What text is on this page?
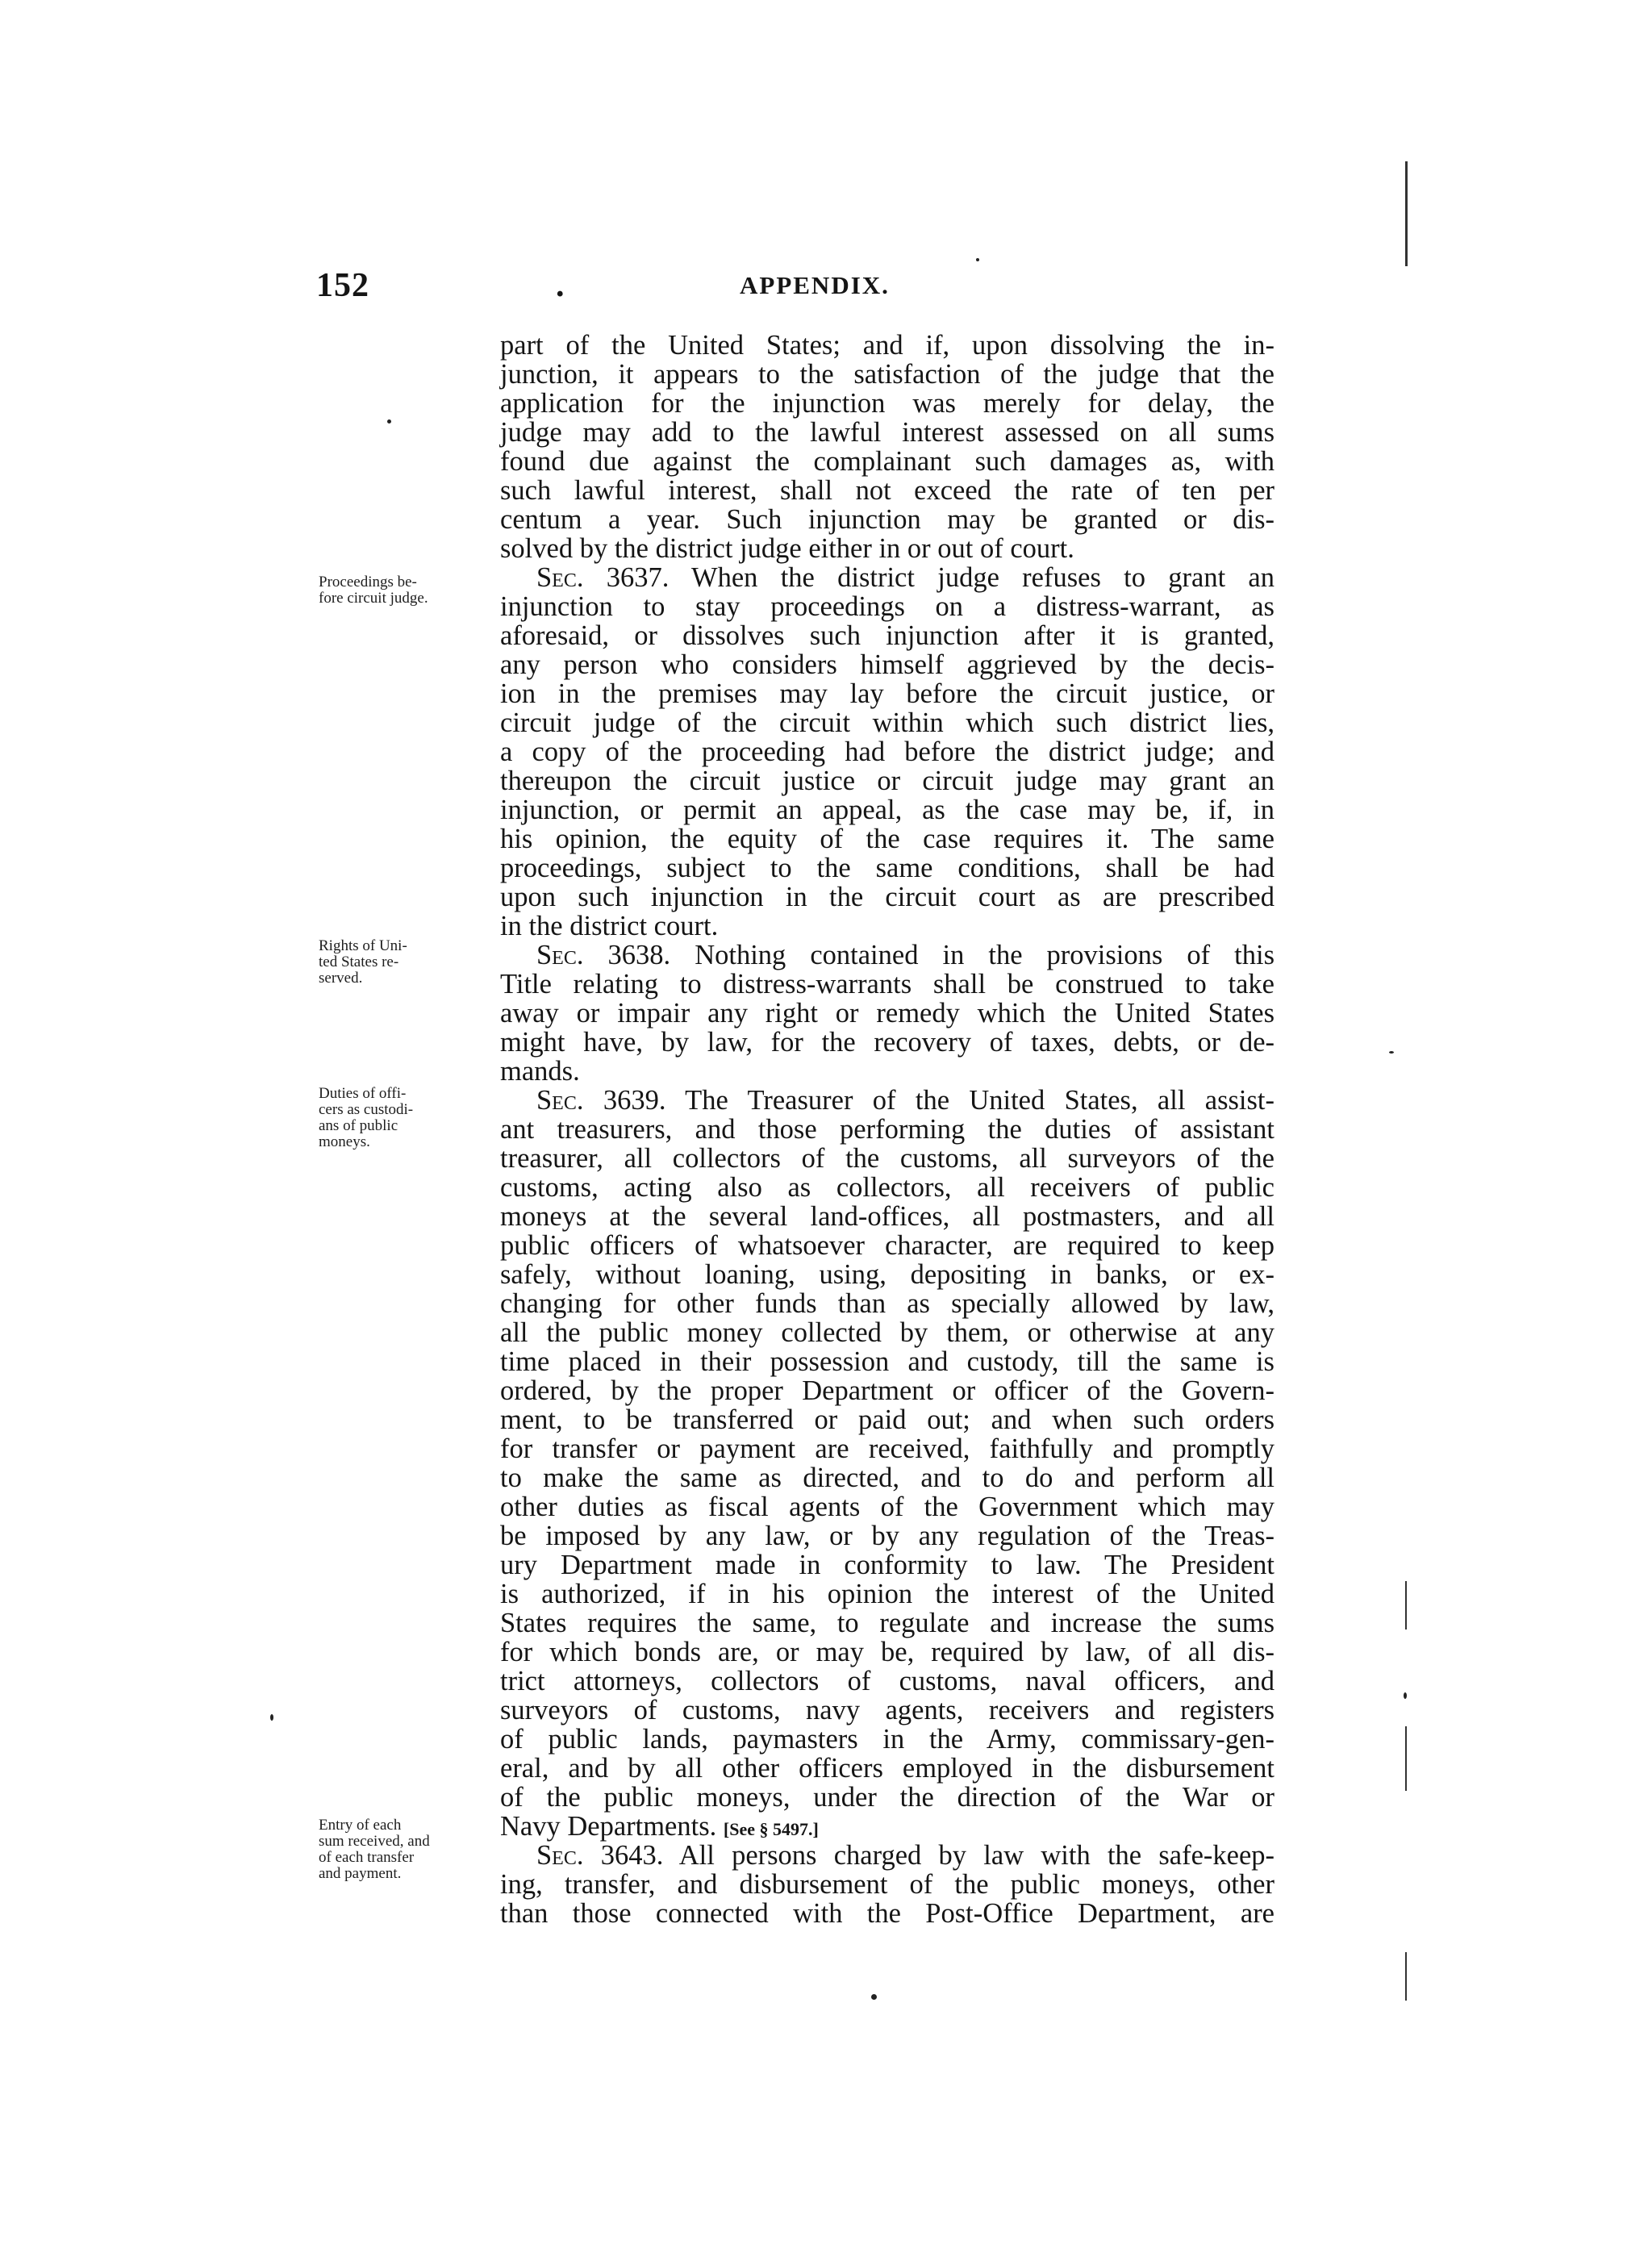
152	.	APPENDIX.
Proceedings be-
fore circuit judge.
Rights of Uni-
ted States re-
served.
Duties of offi-
cers as custodi-
ans of public
moneys.
Entry of each
sum received, and
of each transfer
and payment.
part of the United States; and if, upon dissolving the in-
junction, it appears to the satisfaction of the judge that the
application for the injunction was merely for delay, the
judge may add to the lawful interest assessed on all sums
found due against the complainant such damages as, with
such lawful interest, shall not exceed the rate of ten per
centum a year. Such injunction may be granted or dis-
solved by the district judge either in or out of court.
Sec. 3637. When the district judge refuses to grant an
injunction to stay proceedings on a distress-warrant, as
aforesaid, or dissolves such injunction after it is granted,
any person who considers himself aggrieved by the decis-
ion in the premises may lay before the circuit justice, or
circuit judge of the circuit within which such district lies,
a copy of the proceeding had before the district judge; and
thereupon the circuit justice or circuit judge may grant an
injunction, or permit an appeal, as the case may be, if, in
his opinion, the equity of the case requires it. The same
proceedings, subject to the same conditions, shall be had
upon such injunction in the circuit court as are prescribed
in the district court.
Sec. 3638. Nothing contained in the provisions of this
Title relating to distress-warrants shall be construed to take
away or impair any right or remedy which the United States
might have, by law, for the recovery of taxes, debts, or de-
mands.
Sec. 3639. The Treasurer of the United States, all assist-
ant treasurers, and those performing the duties of assistant
treasurer, all collectors of the customs, all surveyors of the
customs, acting also as collectors, all receivers of public
moneys at the several land-offices, all postmasters, and all
public officers of whatsoever character, are required to keep
safely, without loaning, using, depositing in banks, or ex-
changing for other funds than as specially allowed by law,
all the public money collected by them, or otherwise at any
time placed in their possession and custody, till the same is
ordered, by the proper Department or officer of the Govern-
ment, to be transferred or paid out; and when such orders
for transfer or payment are received, faithfully and promptly
to make the same as directed, and to do and perform all
other duties as fiscal agents of the Government which may
be imposed by any law, or by any regulation of the Treas-
ury Department made in conformity to law. The President
is authorized, if in his opinion the interest of the United
States requires the same, to regulate and increase the sums
for which bonds are, or may be, required by law, of all dis-
trict attorneys, collectors of customs, naval officers, and
surveyors of customs, navy agents, receivers and registers
of public lands, paymasters in the Army, commissary-gen-
eral, and by all other officers employed in the disbursement
of the public moneys, under the direction of the War or
Navy Departments. [See § 5497.]
Sec. 3643. All persons charged by law with the safe-keep-
ing, transfer, and disbursement of the public moneys, other
than those connected with the Post-Office Department, are
